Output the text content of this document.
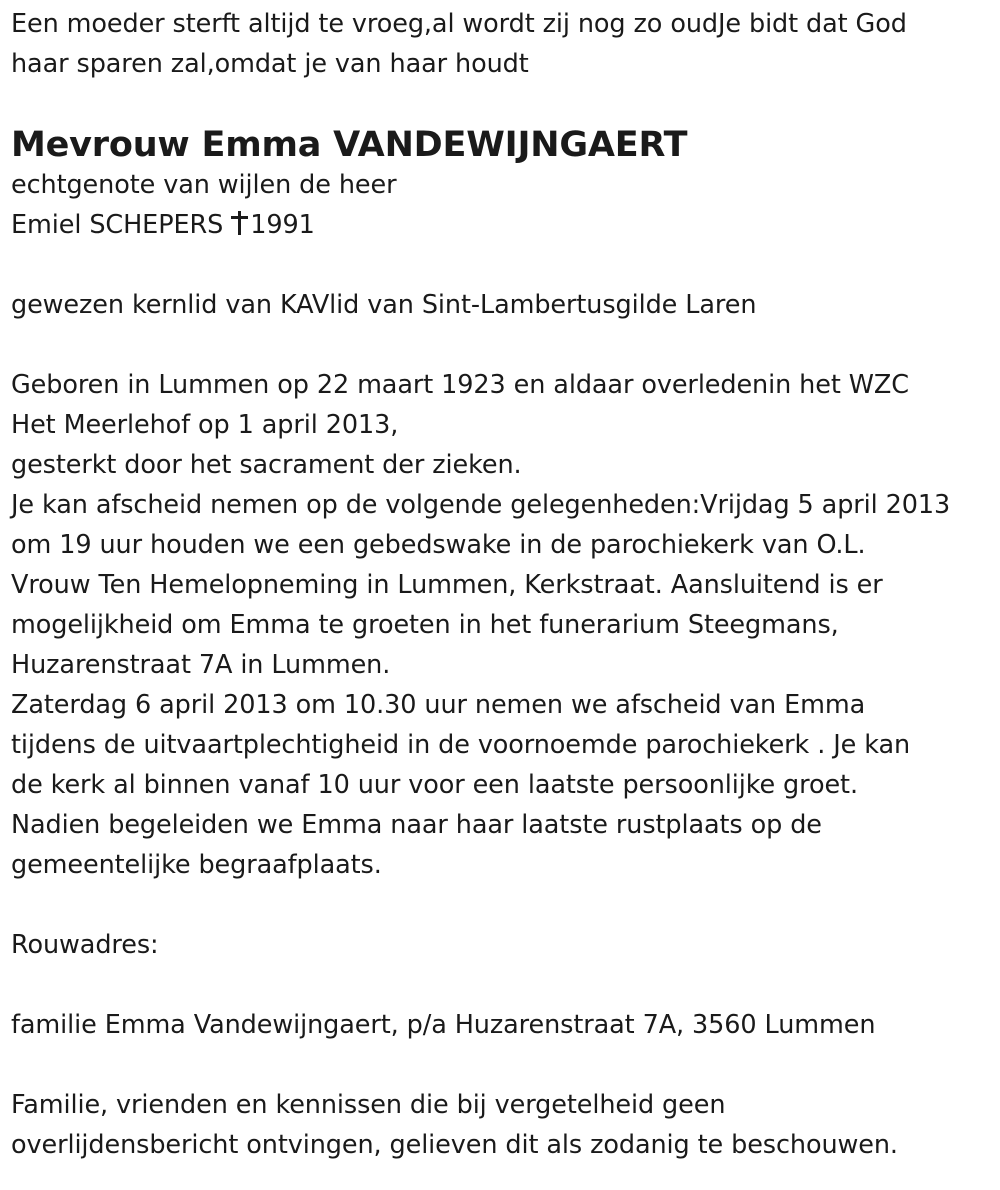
Een moeder sterft altijd te vroeg,al wordt zij nog zo oudJe bidt dat God
haar sparen zal,omdat je van haar houdt
Mevrouw Emma VANDEWIJNGAERT
echtgenote van wijlen de heer
Emiel SCHEPERS 1991
gewezen kernlid van KAVlid van Sint-Lambertusgilde Laren
Geboren in Lummen op 22 maart 1923 en aldaar overledenin het WZC
Het Meerlehof op 1 april 2013,
gesterkt door het sacrament der zieken.
Je kan afscheid nemen op de volgende gelegenheden:Vrijdag 5 april 2013
om 19 uur houden we een gebedswake in de parochiekerk van O.L.
Vrouw Ten Hemelopneming in Lummen, Kerkstraat. Aansluitend is er
mogelijkheid om Emma te groeten in het funerarium Steegmans,
Huzarenstraat 7A in Lummen.
Zaterdag 6 april 2013 om 10.30 uur nemen we afscheid van Emma
tijdens de uitvaartplechtigheid in de voornoemde parochiekerk . Je kan
de kerk al binnen vanaf 10 uur voor een laatste persoonlijke groet.
Nadien begeleiden we Emma naar haar laatste rustplaats op de
gemeentelijke begraafplaats.
Rouwadres:
familie Emma Vandewijngaert, p/a Huzarenstraat 7A, 3560 Lummen
Familie, vrienden en kennissen die bij vergetelheid geen
overlijdensbericht ontvingen, gelieven dit als zodanig te beschouwen.
